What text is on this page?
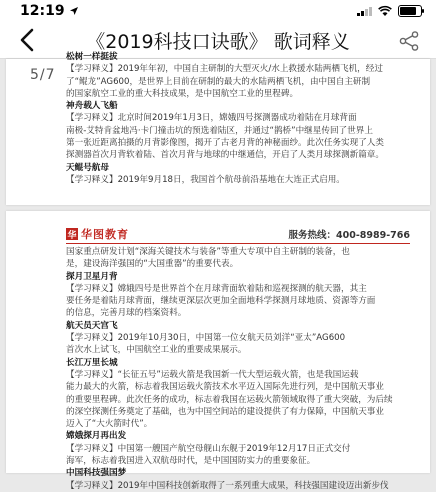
12:19
《2019科技口诀歌》 歌词释义
松树一样挺拔
【学习释义】2019年年初，中国自主研制的大型灭火/水上救援水陆两栖飞机，经过
了“鲲龙”AG600，是世界上目前在研制的最大的水陆两栖飞机，由中国自主研制
的国家航空工业的重大科技成果，是中国航空工业的里程碑。
神舟载人飞船
【学习释义】北京时间2019年1月3日，嫦娥四号探测器成功着陆在月球背面
南极-艾特肯盆地冯·卡门撞击坑的预选着陆区，并通过“鹊桥”中继星传回了世界上
第一张近距离拍摄的月背影像图，揭开了古老月背的神秘面纱。此次任务实现了人类
探测器首次月背软着陆、首次月背与地球的中继通信，开启了人类月球探测新篇章。
天鲲号航母
【学习释义】2019年9月18日，我国首个航母前沿基地在大连正式启用。
5/7
华 华图教育	服务热线：400-8989-766
国家重点研发计划“深海关键技术与装备”等重大专项中自主研制的装备，也
是，建设海洋强国的“大国重器”的重要代表。
探月卫星月背
【学习释义】嫦娥四号是世界首个在月球背面软着陆和巡视探测的航天器，其主
要任务是着陆月球背面，继续更深层次更加全面地科学探测月球地质、资源等方面
的信息，完善月球的档案资料。
航天员天宫飞
【学习释义】2019年10月30日，中国第一位女航天员刘洋“亚太”AG600
首次水上试飞，中国航空工业的重要成果展示。
长江万里长城
【学习释义】“长征五号”运载火箭是我国新一代大型运载火箭，也是我国运载
能力最大的火箭，标志着我国运载火箭技术水平迈入国际先进行列，是中国航天事业
的重要里程碑。此次任务的成功，标志着我国在运载火箭领域取得了重大突破，为后续
的深空探测任务奠定了基础，也为中国空间站的建设提供了有力保障，中国航天事业
迈入了“大火箭时代”。
嫦娥探月再出发
【学习释义】中国第一艘国产航空母舰山东舰于2019年12月17日正式交付
海军，标志着我国进入双航母时代，是中国国防实力的重要象征。
中国科技强国梦
【学习释义】2019年中国科技创新取得了一系列重大成果，科技强国建设迈出新步伐
